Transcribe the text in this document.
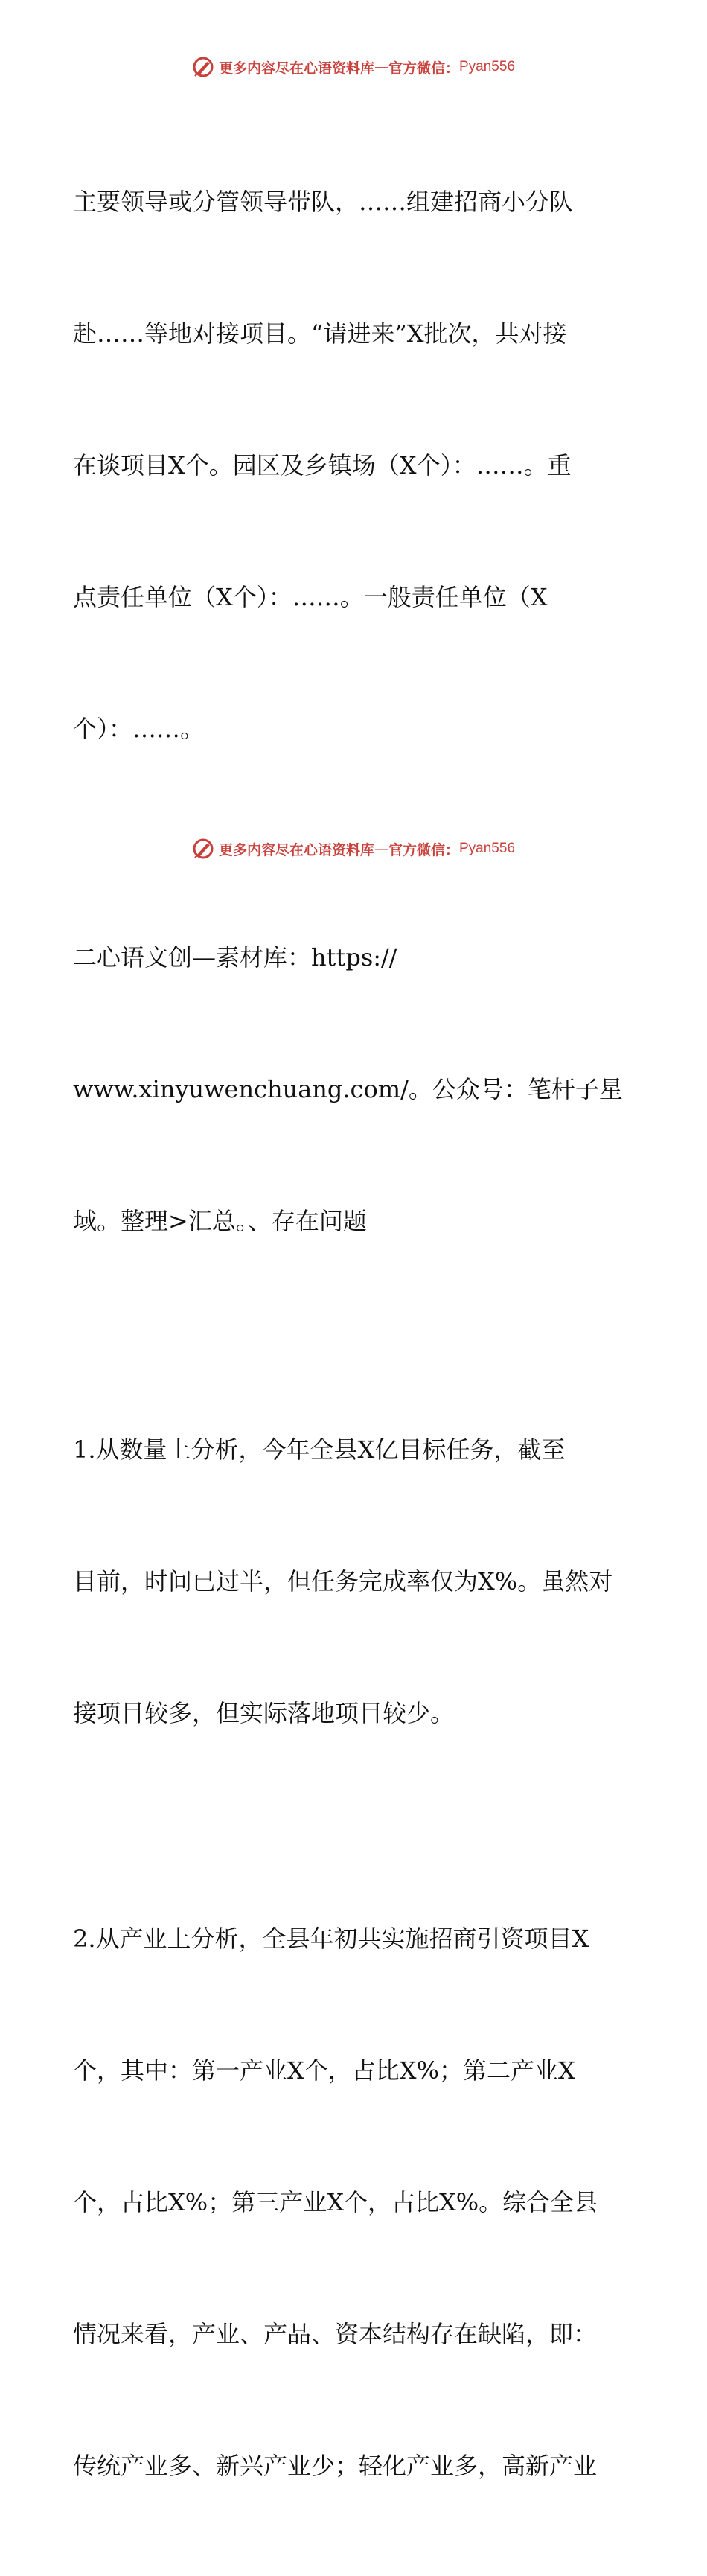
更多内容尽在心语资料库 — 官方微信： Pyan556

主要领导或分管领导带队，……组建招商小分队

赴……等地对接项目。“请进来”X批次，共对接

在谈项目X个。园区及乡镇场（X个）：……。重

点责任单位（X个）：……。一般责任单位（X

个）：……。

二心语文创—素材库：https://

www.xinyuwenchuang.com/。公众号：笔杆子星

域。整理>汇总。、存在问题

1.从数量上分析，今年全县X亿目标任务，截至

目前，时间已过半，但任务完成率仅为X%。虽然对

接项目较多，但实际落地项目较少。

2.从产业上分析，全县年初共实施招商引资项目X

个，其中：第一产业X个，占比X%；第二产业X

个，占比X%；第三产业X个，占比X%。综合全县

情况来看，产业、产品、资本结构存在缺陷，即：

传统产业多、新兴产业少；轻化产业多，高新产业

更多内容尽在心语资料库 — 官方微信： Pyan556
